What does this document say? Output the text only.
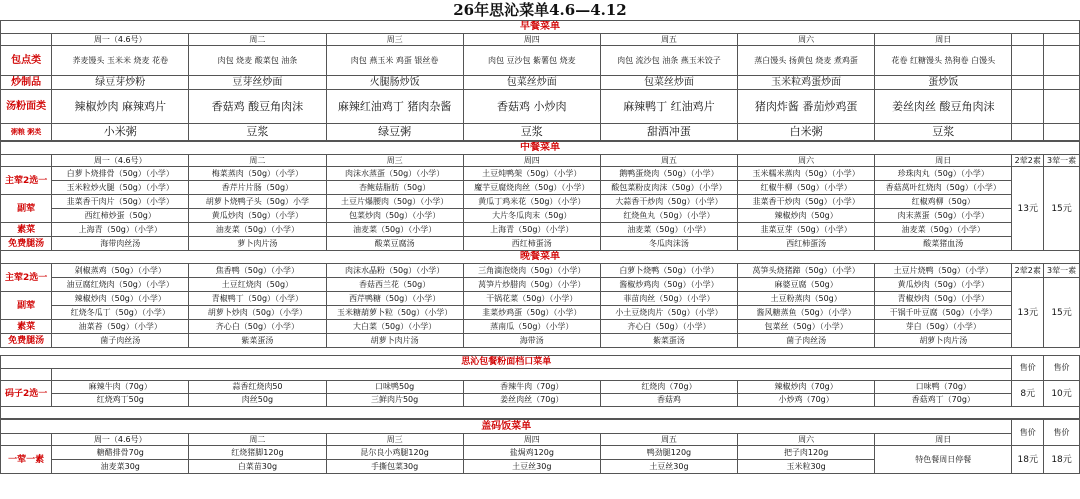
26年思沁菜单4.6—4.12
早餐菜单									
	周一（4.6号）	周二	周三	周四	周五	周六	周日		
包点类	荞麦馒头 玉米米 烧麦 花卷	肉包 烧麦 酸菜包 油条	肉包 燕玉米 鸡蛋 银丝卷	肉包 豆沙包 紫薯包 烧麦	肉包 流沙包 油条 燕玉米饺子	蒸白馒头 扬黄包 烧麦 煮鸡蛋	花卷 红糖馒头 热狗卷 白馒头		
炒制品	绿豆芽炒粉	豆芽丝炒面	火腿肠炒饭	包菜丝炒面	包菜丝炒面	玉米粒鸡蛋炒面	蛋炒饭		
汤粉面类	辣椒炒肉 麻辣鸡片	香菇鸡 酸豆角肉沫	麻辣红油鸡丁 猪肉杂酱	香菇鸡 小炒肉	麻辣鸭丁 红油鸡片	猪肉炸酱 番茄炒鸡蛋	姜丝肉丝 酸豆角肉沫		
粥粮 粥类	小米粥	豆浆	绿豆粥	豆浆	甜酒冲蛋	白米粥	豆浆		
中餐菜单									
	周一（4.6号）	周二	周三	周四	周五	周六	周日	2荤2素	3荤一素
主荤2选一	白萝卜烧排骨（50g）（小学）	梅菜蒸肉（50g）（小学）	肉沫水蒸蛋（50g）（小学）	土豆炖鸭架（50g）（小学）	鹅鸭蛋烧肉（50g）（小学）	玉米糯米蒸肉（50g）（小学）	珍珠肉丸（50g）（小学）	13元	15元
	玉米粒炒火腿（50g）（小学）	香芹片片肠（50g）	杏鲍菇脂肪（50g）	魔芋豆腐烧肉丝（50g）（小学）	酸包菜粉皮肉沫（50g）（小学）	红椒牛柳（50g）（小学）	香菇莴叶红烧肉（50g）（小学）		
副荤	韭菜香干肉片（50g）（小学）	胡萝卜烧鸭子头（50g）小学	土豆片爆腰肉（50g）（小学）	黄瓜丁鸡米花（50g）（小学）	大蒜香干炒肉（50g）（小学）	韭菜香干炒肉（50g）（小学）	红椒鸡柳（50g）		
	西红柿炒蛋（50g）	黄瓜炒肉（50g）（小学）	包菜炒肉（50g）（小学）	大片冬瓜肉末（50g）	红烧鱼丸（50g）（小学）	辣椒炒肉（50g）	肉末蒸蛋（50g）（小学）		
素菜	上海青（50g）（小学）	油麦菜（50g）（小学）	油麦菜（50g）（小学）	上海青（50g）（小学）	油麦菜（50g）（小学）	韭菜豆芽（50g）（小学）	油麦菜（50g）（小学）		
免费腿汤	海带肉丝汤	萝卜肉片汤	酸菜豆腐汤	西红柿蛋汤	冬瓜肉沫汤	西红柿蛋汤	酸菜猪血汤		
晚餐菜单									
主荤2选一	剁椒蒸鸡（50g）（小学）	焦香鸭（50g）（小学）	肉沫水晶粉（50g）（小学）	三角滴泡烧肉（50g）（小学）	白萝卜烧鸭（50g）（小学）	莴笋头烧猪蹄（50g）（小学）	土豆片烧鸭（50g）（小学）	2荤2素	3荤一素
	油豆腐红烧肉（50g）（小学）	土豆红烧肉（50g）	香菇西兰花（50g）	莴笋片炒腊肉（50g）（小学）	酱椒炒鸡肉（50g）（小学）	麻婆豆腐（50g）	黄瓜炒肉（50g）（小学）	13元	15元
副荤	辣椒炒肉（50g）（小学）	青椒鸭丁（50g）（小学）	西芹鸭糖（50g）（小学）	干锅花菜（50g）（小学）	菲苗肉丝（50g）（小学）	土豆粉蒸肉（50g）	青椒炒肉（50g）（小学）		
	红烧冬瓜丁（50g）（小学）	胡萝卜炒肉（50g）（小学）	玉米糖葫萝卜粒（50g）（小学）	韭菜炒鸡蛋（50g）（小学）	小土豆烧肉片（50g）（小学）	酱风糖蒸鱼（50g）（小学）	干锅千叶豆腐（50g）（小学）		
素菜	油菜苔（50g）（小学）	齐心白（50g）（小学）	大白菜（50g）（小学）	蒸南瓜（50g）（小学）	齐心白（50g）（小学）	包菜丝（50g）（小学）	芽白（50g）（小学）		
免费腿汤	菌子肉丝汤	紫菜蛋汤	胡萝卜肉片汤	海带汤	紫菜蛋汤	菌子肉丝汤	胡萝卜肉片汤		
思沁包餐粉面档口菜单								售价	售价

码子2选一	麻辣牛肉（70g）	蒜香红烧肉50	口味鸭50g	香辣牛肉（70g）	红烧肉（70g）	辣椒炒肉（70g）	口味鸭（70g）	8元	10元
	红烧鸡丁50g	肉丝50g	三鲜肉片50g	姜丝肉丝（70g）	香菇鸡	小炒鸡（70g）	香菇鸡丁（70g）		

盖码饭菜单								售价	售价
	周一（4.6号）	周二	周三	周四	周五	周六	周日		
一荤一素	糖醋排骨70g	红烧猪脚120g	昆尔良小鸡腿120g	盐焗鸡120g	鸭劲腿120g	把子肉120g	特色餐周日停餐	18元	18元
	油麦菜30g	白菜苗30g	手撕包菜30g	土豆丝30g	土豆丝30g	玉米粒30g			
